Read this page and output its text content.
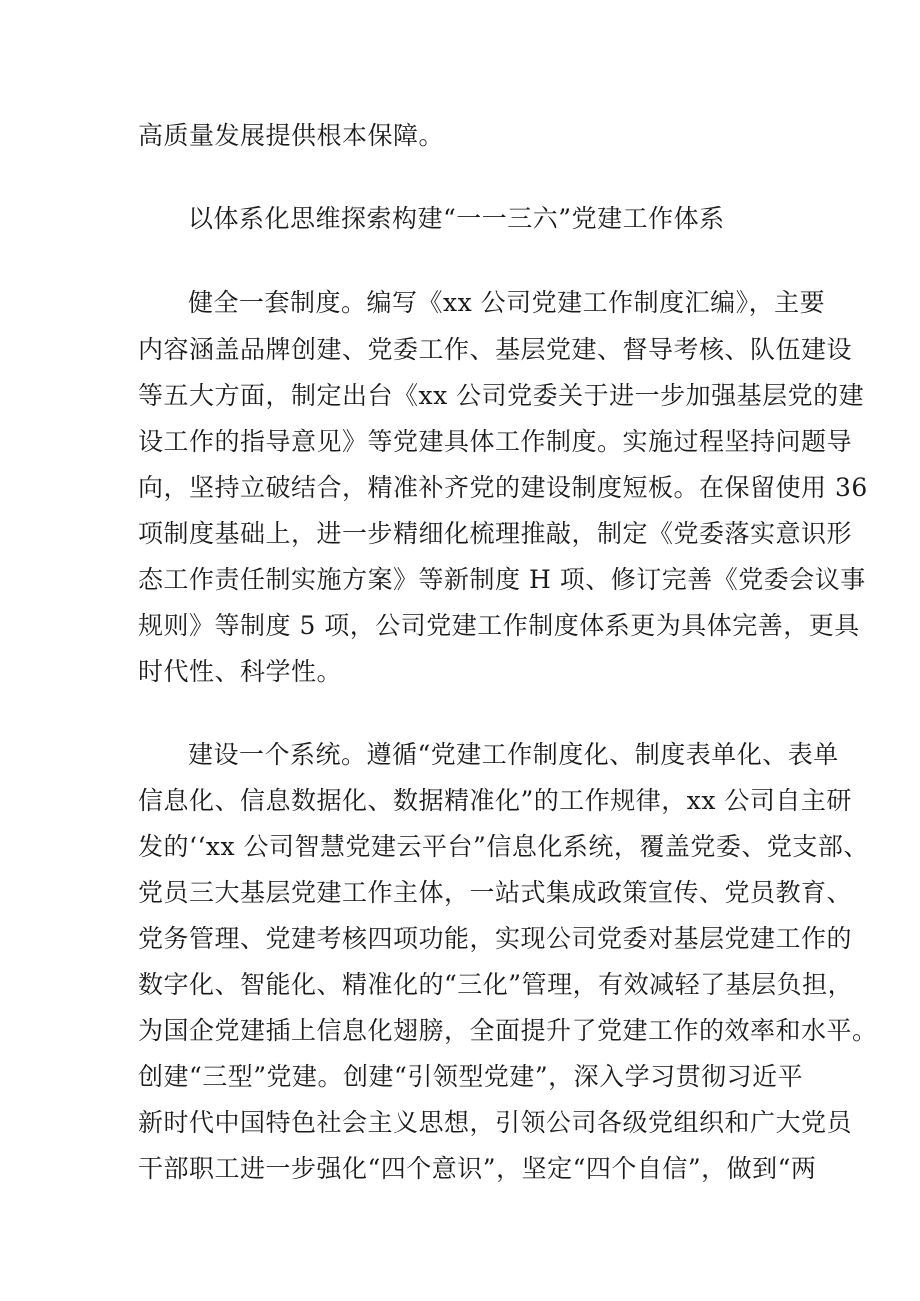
高质量发展提供根本保障。
以体系化思维探索构建“一一三六”党建工作体系
健全一套制度。编写《xx 公司党建工作制度汇编》，主要
内容涵盖品牌创建、党委工作、基层党建、督导考核、队伍建设
等五大方面，制定出台《xx 公司党委关于进一步加强基层党的建
设工作的指导意见》等党建具体工作制度。实施过程坚持问题导
向，坚持立破结合，精准补齐党的建设制度短板。在保留使用 36
项制度基础上，进一步精细化梳理推敲，制定《党委落实意识形
态工作责任制实施方案》等新制度 H 项、修订完善《党委会议事
规则》等制度 5 项，公司党建工作制度体系更为具体完善，更具
时代性、科学性。
建设一个系统。遵循“党建工作制度化、制度表单化、表单
信息化、信息数据化、数据精准化”的工作规律，xx 公司自主研
发的‘‘xx 公司智慧党建云平台”信息化系统，覆盖党委、党支部、
党员三大基层党建工作主体，一站式集成政策宣传、党员教育、
党务管理、党建考核四项功能，实现公司党委对基层党建工作的
数字化、智能化、精准化的“三化”管理，有效减轻了基层负担，
为国企党建插上信息化翅膀，全面提升了党建工作的效率和水平。
创建“三型”党建。创建“引领型党建”，深入学习贯彻习近平
新时代中国特色社会主义思想，引领公司各级党组织和广大党员
干部职工进一步强化“四个意识”，坚定“四个自信”，做到“两
